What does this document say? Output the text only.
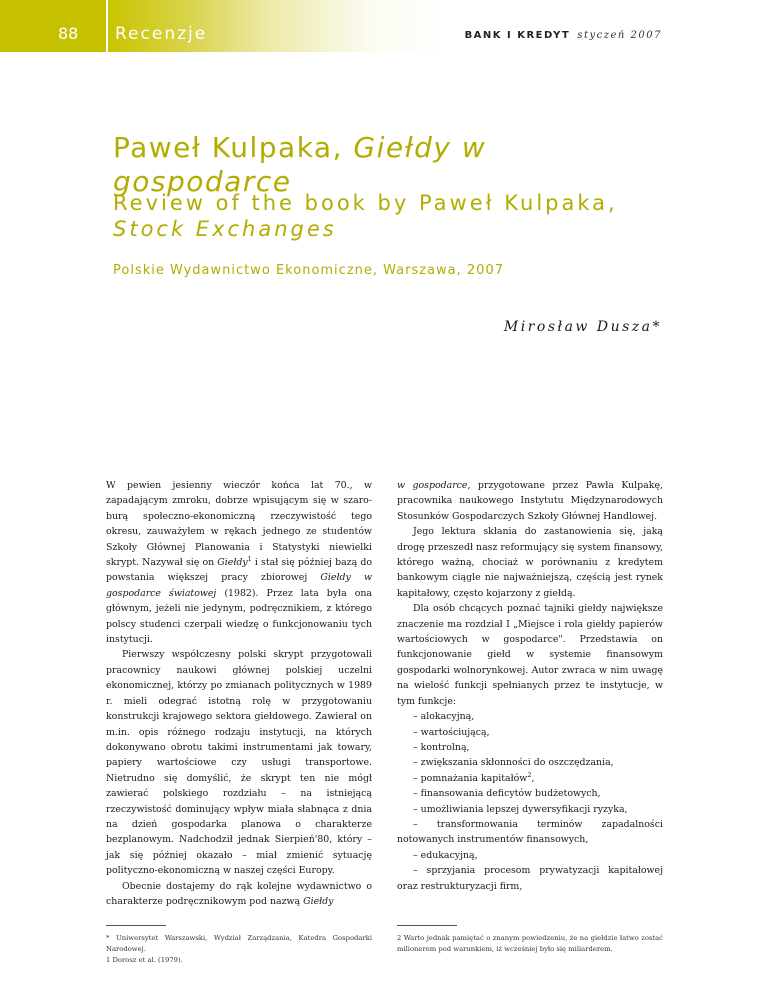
88 Recenzje	BANK I KREDYT styczeń 2007
Paweł Kulpaka, Giełdy w gospodarce
Review of the book by Paweł Kulpaka,
Stock Exchanges
Polskie Wydawnictwo Ekonomiczne, Warszawa, 2007
Mirosław Dusza*

W pewien jesienny wieczór końca lat 70., w zapadającym zmroku, dobrze wpisującym się w szaro-burą społeczno-ekonomiczną rzeczywistość tego okresu, zauważyłem w rękach jednego ze studentów Szkoły Głównej Planowania i Statystyki niewielki skrypt. Nazywał się on Giełdy$^1$ i stał się później bazą do powstania większej pracy zbiorowej Giełdy w gospodarce światowej (1982). Przez lata była ona głównym, jeżeli nie jedynym, podręcznikiem, z którego polscy studenci czerpali wiedzę o funkcjonowaniu tych instytucji.

Pierwszy współczesny polski skrypt przygotowali pracownicy naukowi głównej polskiej uczelni ekonomicznej, którzy po zmianach politycznych w 1989 r. mieli odegrać istotną rolę w przygotowaniu konstrukcji krajowego sektora giełdowego. Zawierał on m.in. opis różnego rodzaju instytucji, na których dokonywano obrotu takimi instrumentami jak towary, papiery wartościowe czy usługi transportowe. Nietrudno się domyślić, że skrypt ten nie mógł zawierać polskiego rozdziału – na istniejącą rzeczywistość dominujący wpływ miała słabnąca z dnia na dzień gospodarka planowa o charakterze bezplanowym. Nadchodził jednak Sierpień'80, który – jak się później okazało – miał zmienić sytuację polityczno-ekonomiczną w naszej części Europy.

Obecnie dostajemy do rąk kolejne wydawnictwo o charakterze podręcznikowym pod nazwą Giełdy

w gospodarce, przygotowane przez Pawła Kulpakę, pracownika naukowego Instytutu Międzynarodowych Stosunków Gospodarczych Szkoły Głównej Handlowej.

Jego lektura skłania do zastanowienia się, jaką drogę przeszedł nasz reformujący się system finansowy, którego ważną, chociaż w porównaniu z kredytem bankowym ciągle nie najważniejszą, częścią jest rynek kapitałowy, często kojarzony z giełdą.

Dla osób chcących poznać tajniki giełdy największe znaczenie ma rozdział I „Miejsce i rola giełdy papierów wartościowych w gospodarce". Przedstawia on funkcjonowanie giełd w systemie finansowym gospodarki wolnorynkowej. Autor zwraca w nim uwagę na wielość funkcji spełnianych przez te instytucje, w tym funkcje:

– alokacyjną,
– wartościującą,
– kontrolną,
– zwiększania skłonności do oszczędzania,
– pomnażania kapitałów$^2$,
– finansowania deficytów budżetowych,
– umożliwiania lepszej dywersyfikacji ryzyka,
– transformowania terminów zapadalności notowanych instrumentów finansowych,
– edukacyjną,
– sprzyjania procesom prywatyzacji kapitałowej oraz restrukturyzacji firm,
* Uniwersytet Warszawski, Wydział Zarządzania, Katedra Gospodarki Narodowej.
1 Dorosz et al. (1979).
2 Warto jednak pamiętać o znanym powiedzeniu, że na giełdzie łatwo zostać milionerem pod warunkiem, iż wcześniej było się miliarderem.
